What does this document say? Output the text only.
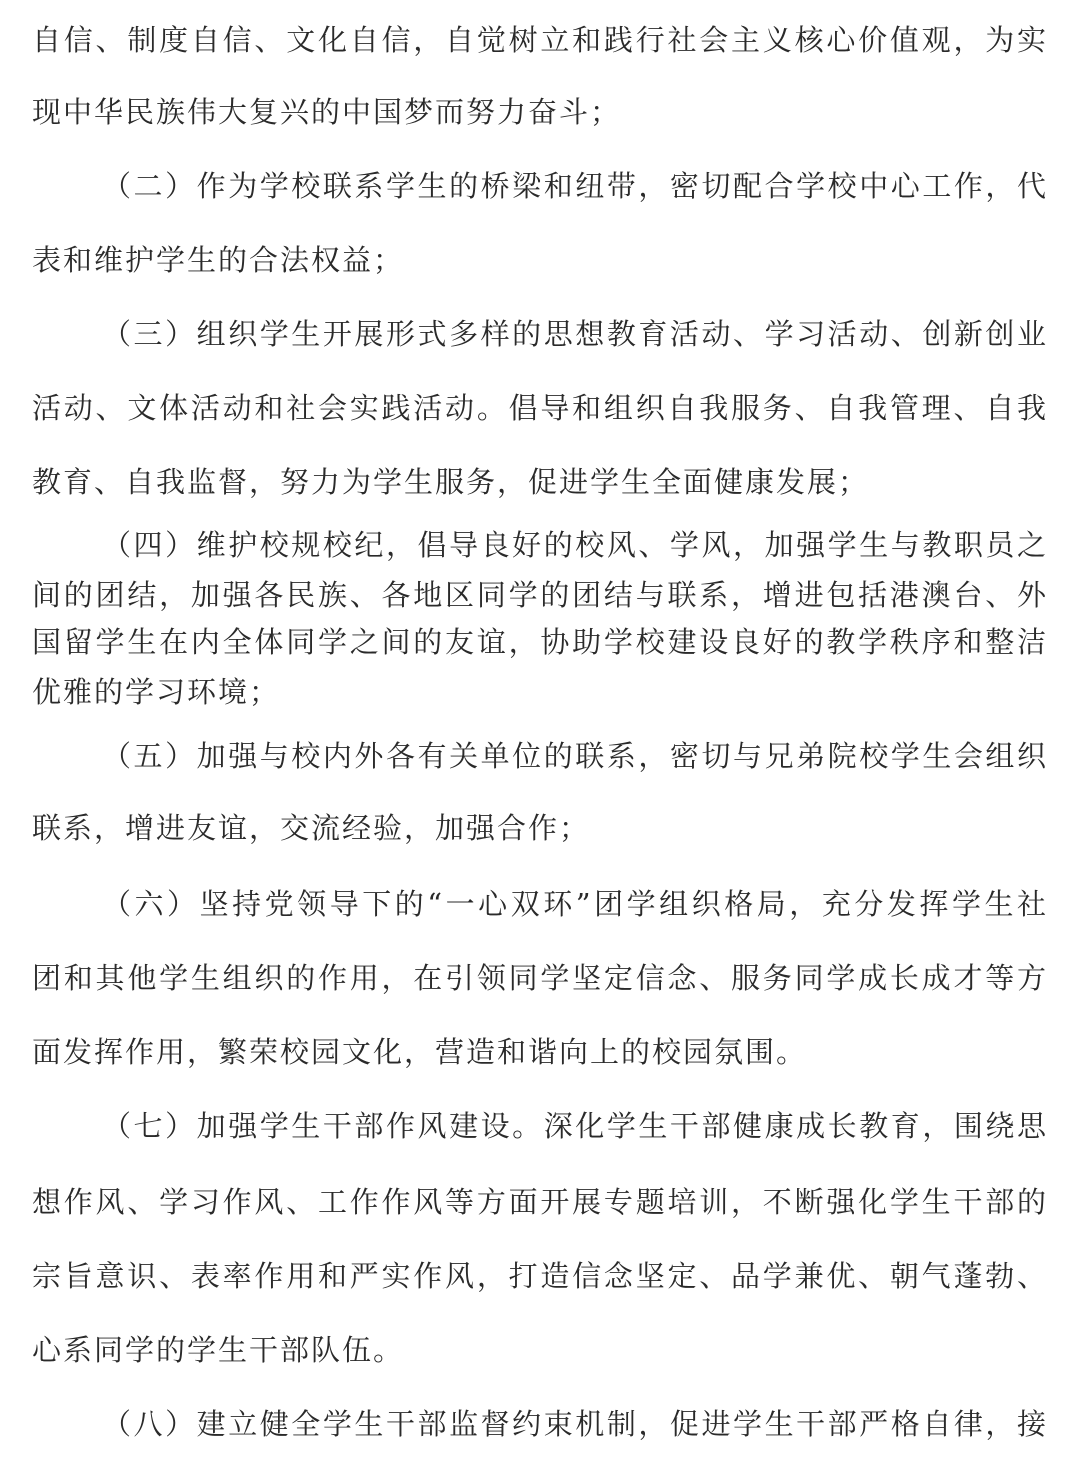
自信、制度自信、文化自信，自觉树立和践行社会主义核心价值观，为实
现中华民族伟大复兴的中国梦而努力奋斗；
（二）作为学校联系学生的桥梁和纽带，密切配合学校中心工作，代
表和维护学生的合法权益；
（三）组织学生开展形式多样的思想教育活动、学习活动、创新创业
活动、文体活动和社会实践活动。倡导和组织自我服务、自我管理、自我
教育、自我监督，努力为学生服务，促进学生全面健康发展；
（四）维护校规校纪，倡导良好的校风、学风，加强学生与教职员之
间的团结，加强各民族、各地区同学的团结与联系，增进包括港澳台、外
国留学生在内全体同学之间的友谊，协助学校建设良好的教学秩序和整洁
优雅的学习环境；
（五）加强与校内外各有关单位的联系，密切与兄弟院校学生会组织
联系，增进友谊，交流经验，加强合作；
（六）坚持党领导下的“一心双环”团学组织格局，充分发挥学生社
团和其他学生组织的作用，在引领同学坚定信念、服务同学成长成才等方
面发挥作用，繁荣校园文化，营造和谐向上的校园氛围。
（七）加强学生干部作风建设。深化学生干部健康成长教育，围绕思
想作风、学习作风、工作作风等方面开展专题培训，不断强化学生干部的
宗旨意识、表率作用和严实作风，打造信念坚定、品学兼优、朝气蓬勃、
心系同学的学生干部队伍。
（八）建立健全学生干部监督约束机制，促进学生干部严格自律，接
